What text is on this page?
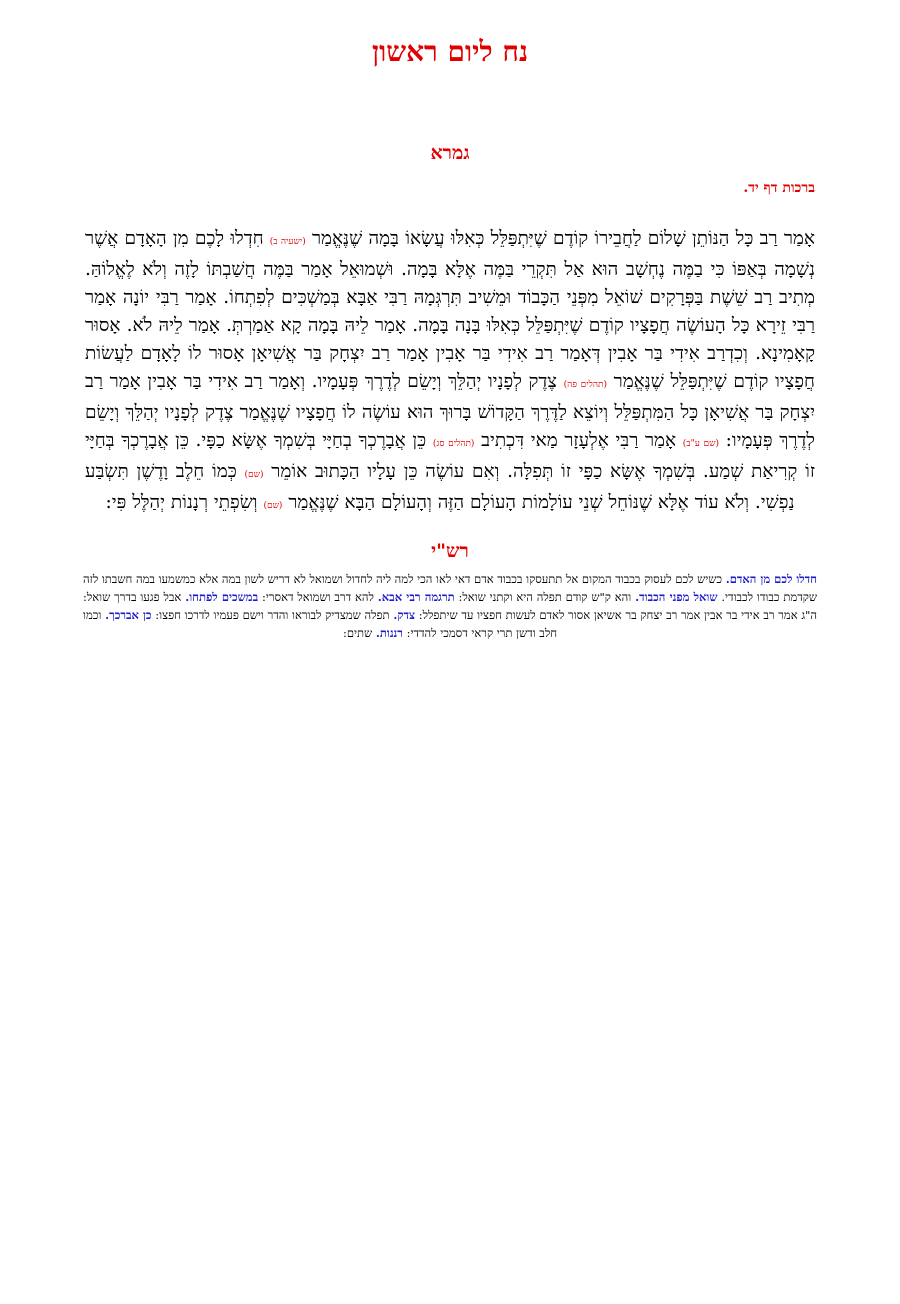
נח ליום ראשון
גמרא
ברכות דף יד.
אָמַר רַב כָּל הַנּוֹתֵן שָׁלוֹם לַחֲבֵירוֹ קוֹדֶם שֶׁיִּתְפַּלֵּל כְּאִלּוּ עֲשָׂאוֹ בָּמָה שֶׁנֶּאֱמַר (ישעיה ב) חִדְלוּ לָכֶם מִן הָאָדָם אֲשֶׁר נְשָׁמָה בְּאַפּוֹ כִּי בַמֶּה נֶחְשָׁב הוּא אַל תִּקְרֵי בַּמֶּה אֶלָּא בָּמָה. וּשְׁמוּאֵל אָמַר בַּמֶּה חֲשַׁבְתּוֹ לָזֶה וְלֹא לֶאֱלוֹהַּ. מְתִיב רַב שֵׁשֶׁת בַּפְּרָקִים שׁוֹאֵל מִפְּנֵי הַכָּבוֹד וּמֵשִׁיב תִּרְגְּמָהּ רַבִּי אַבָּא בְּמַשְׁכִּים לְפִתְחוֹ. אָמַר רַבִּי יוֹנָה אָמַר רַבִּי זֵירָא כָּל הָעוֹשֶׂה חֲפָצָיו קוֹדֶם שֶׁיִּתְפַּלֵּל כְּאִלּוּ בָּנָה בָּמָה. אָמַר לֵיהּ בָּמָה קָא אַמַרְתְּ. אָמַר לֵיהּ לֹא. אָסוּר קָאָמִינָא. וְכִדְרַב אִידִי בַּר אָבִין דְּאָמַר רַב אִידִי בַּר אָבִין אָמַר רַב יִצְחָק בַּר אֲשִׁיאָן אָסוּר לוֹ לָאָדָם לַעֲשׂוֹת חֲפָצָיו קוֹדֶם שֶׁיִּתְפַּלֵּל שֶׁנֶּאֱמַר (תהלים פה) צֶדֶק לְפָנָיו יְהַלֵּךְ וְיָשֵׂם לְדֶרֶךְ פְּעָמָיו. וְאָמַר רַב אִידִי בַּר אָבִין אָמַר רַב יִצְחָק בַּר אֲשִׁיאָן כָּל הַמִּתְפַּלֵּל וְיוֹצֵא לַדֶּרֶךְ הַקָּדוֹשׁ בָּרוּךְ הוּא עוֹשֶׂה לוֹ חֲפָצָיו שֶׁנֶּאֱמַר צֶדֶק לְפָנָיו יְהַלֵּךְ וְיָשֵׂם לְדֶרֶךְ פְּעָמָיו: (שם ע"ב) אָמַר רַבִּי אֶלְעָזָר מַאי דִּכְתִיב (תהלים סג) כֵּן אֲבָרֶכְךָ בְחַיָּי בְּשִׁמְךָ אֶשָּׂא כַפָּי. כֵּן אֲבָרֶכְךָ בְּחַיָּי זוֹ קְרִיאַת שְׁמַע. בְּשִׁמְךָ אֶשָּׂא כַפָּי זוֹ תְּפִלָּה. וְאִם עוֹשֶׂה כֵּן עָלָיו הַכָּתוּב אוֹמֵר (שם) כְּמוֹ חֵלֶב וָדֶשֶׁן תִּשְׂבַּע נַפְשִׁי. וְלֹא עוֹד אֶלָּא שֶׁנּוֹחֵל שְׁנֵי עוֹלָמוֹת הָעוֹלָם הַזֶּה וְהָעוֹלָם הַבָּא שֶׁנֶּאֱמַר (שם) וְשִׂפְתֵי רְנָנוֹת יְהַלֶּל פִּי:
רש"י
חדלו לכם מן האדם. כשיש לכם לעסוק בכבוד המקום אל תתעסקו בכבוד אדם דאי לאו הכי למה ליה לחדול ושמואל לא דריש לשון במה אלא כמשמעו במה חשבתו לזה שקדמת כבודו לכבודי. שואל מפני הכבוד. והא ק"ש קודם תפלה היא וקתני שואל: תרגמה רבי אבא. להא דרב ושמואל דאסרי: במשכים לפתחו. אבל פגעו בדרך שואל: ה"ג אמר רב אידי בר אבין אמר רב יצחק בר אשיאן אסור לאדם לעשות חפציו עד שיתפלל: צדק. תפלה שמצדיק לבוראו והדר וישם פעמיו לדרכו חפצו: כן אברכך. וכמו חלב ודשן תרי קראי דסמכי להדדי: רננות. שתים:
